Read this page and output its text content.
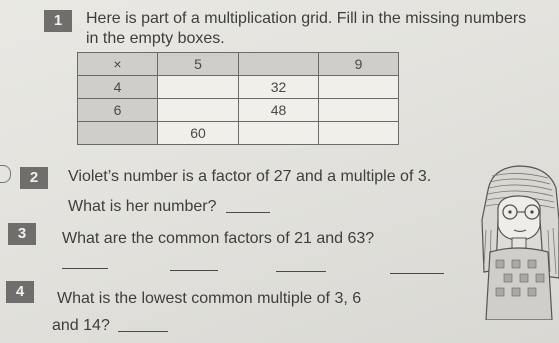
1	Here is part of a multiplication grid. Fill in the missing numbers
in the empty boxes.
×	5		9
4		32	
6		48	
	60		
2	Violet’s number is a factor of 27 and a multiple of 3.
What is her number?
3	What are the common factors of 21 and 63?
4	What is the lowest common multiple of 3, 6
and 14?
